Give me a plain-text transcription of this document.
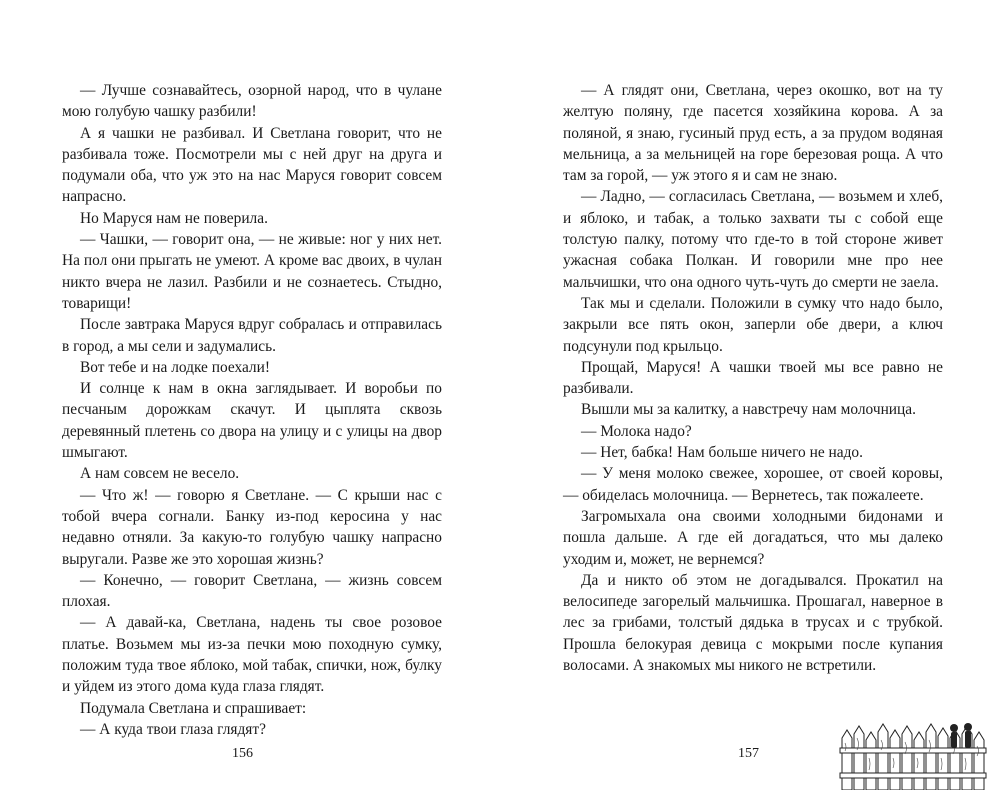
— Лучше сознавайтесь, озорной народ, что в чулане мою голубую чашку разбили!

А я чашки не разбивал. И Светлана говорит, что не разбивала тоже. Посмотрели мы с ней друг на друга и подумали оба, что уж это на нас Маруся говорит совсем напрасно.

Но Маруся нам не поверила.

— Чашки, — говорит она, — не живые: ног у них нет. На пол они прыгать не умеют. А кроме вас двоих, в чулан никто вчера не лазил. Разбили и не сознаетесь. Стыдно, товарищи!

После завтрака Маруся вдруг собралась и отправилась в город, а мы сели и задумались.

Вот тебе и на лодке поехали!

И солнце к нам в окна заглядывает. И воробьи по песчаным дорожкам скачут. И цыплята сквозь деревянный плетень со двора на улицу и с улицы на двор шмыгают.

А нам совсем не весело.

— Что ж! — говорю я Светлане. — С крыши нас с тобой вчера согнали. Банку из-под керосина у нас недавно отняли. За какую-то голубую чашку напрасно выругали. Разве же это хорошая жизнь?

— Конечно, — говорит Светлана, — жизнь совсем плохая.

— А давай-ка, Светлана, надень ты свое розовое платье. Возьмем мы из-за печки мою походную сумку, положим туда твое яблоко, мой табак, спички, нож, булку и уйдем из этого дома куда глаза глядят.

Подумала Светлана и спрашивает:

— А куда твои глаза глядят?

156

— А глядят они, Светлана, через окошко, вот на ту желтую поляну, где пасется хозяйкина корова. А за поляной, я знаю, гусиный пруд есть, а за прудом водяная мельница, а за мельницей на горе березовая роща. А что там за горой, — уж этого я и сам не знаю.

— Ладно, — согласилась Светлана, — возьмем и хлеб, и яблоко, и табак, а только захвати ты с собой еще толстую палку, потому что где-то в той стороне живет ужасная собака Полкан. И говорили мне про нее мальчишки, что она одного чуть-чуть до смерти не заела.

Так мы и сделали. Положили в сумку что надо было, закрыли все пять окон, заперли обе двери, а ключ подсунули под крыльцо.

Прощай, Маруся! А чашки твоей мы все равно не разбивали.

Вышли мы за калитку, а навстречу нам молочница.

— Молока надо?

— Нет, бабка! Нам больше ничего не надо.

— У меня молоко свежее, хорошее, от своей коровы, — обиделась молочница. — Вернетесь, так пожалеете.

Загромыхала она своими холодными бидонами и пошла дальше. А где ей догадаться, что мы далеко уходим и, может, не вернемся?

Да и никто об этом не догадывался. Прокатил на велосипеде загорелый мальчишка. Прошагал, наверное в лес за грибами, толстый дядька в трусах и с трубкой. Прошла белокурая девица с мокрыми после купания волосами. А знакомых мы никого не встретили.

157
